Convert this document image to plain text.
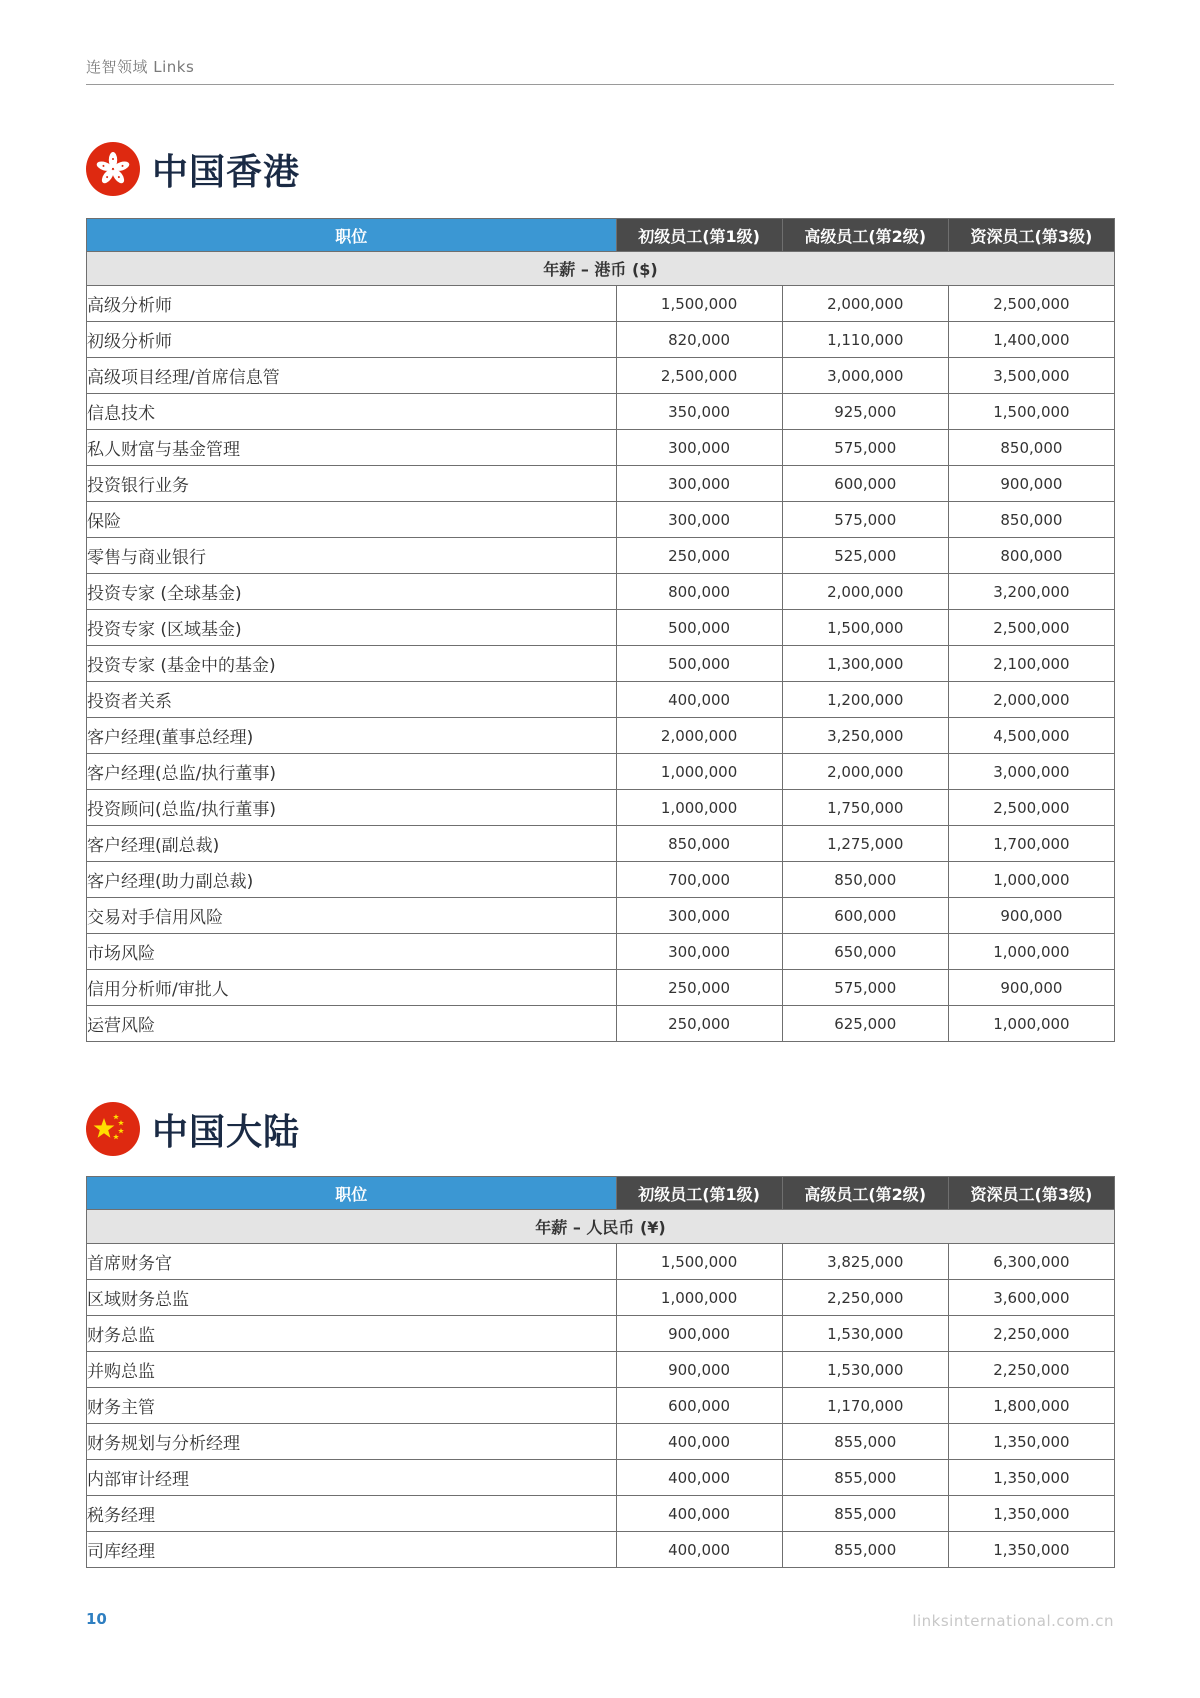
连智领域 Links
中国香港
职位	初级员工(第1级)	高级员工(第2级)	资深员工(第3级)
年薪 – 港币 ($)			
高级分析师	1,500,000	2,000,000	2,500,000
初级分析师	820,000	1,110,000	1,400,000
高级项目经理/首席信息管	2,500,000	3,000,000	3,500,000
信息技术	350,000	925,000	1,500,000
私人财富与基金管理	300,000	575,000	850,000
投资银行业务	300,000	600,000	900,000
保险	300,000	575,000	850,000
零售与商业银行	250,000	525,000	800,000
投资专家 (全球基金)	800,000	2,000,000	3,200,000
投资专家 (区域基金)	500,000	1,500,000	2,500,000
投资专家 (基金中的基金)	500,000	1,300,000	2,100,000
投资者关系	400,000	1,200,000	2,000,000
客户经理(董事总经理)	2,000,000	3,250,000	4,500,000
客户经理(总监/执行董事)	1,000,000	2,000,000	3,000,000
投资顾问(总监/执行董事)	1,000,000	1,750,000	2,500,000
客户经理(副总裁)	850,000	1,275,000	1,700,000
客户经理(助力副总裁)	700,000	850,000	1,000,000
交易对手信用风险	300,000	600,000	900,000
市场风险	300,000	650,000	1,000,000
信用分析师/审批人	250,000	575,000	900,000
运营风险	250,000	625,000	1,000,000
中国大陆
职位	初级员工(第1级)	高级员工(第2级)	资深员工(第3级)
年薪 – 人民币 (¥)			
首席财务官	1,500,000	3,825,000	6,300,000
区域财务总监	1,000,000	2,250,000	3,600,000
财务总监	900,000	1,530,000	2,250,000
并购总监	900,000	1,530,000	2,250,000
财务主管	600,000	1,170,000	1,800,000
财务规划与分析经理	400,000	855,000	1,350,000
内部审计经理	400,000	855,000	1,350,000
税务经理	400,000	855,000	1,350,000
司库经理	400,000	855,000	1,350,000
10	linksinternational.com.cn
